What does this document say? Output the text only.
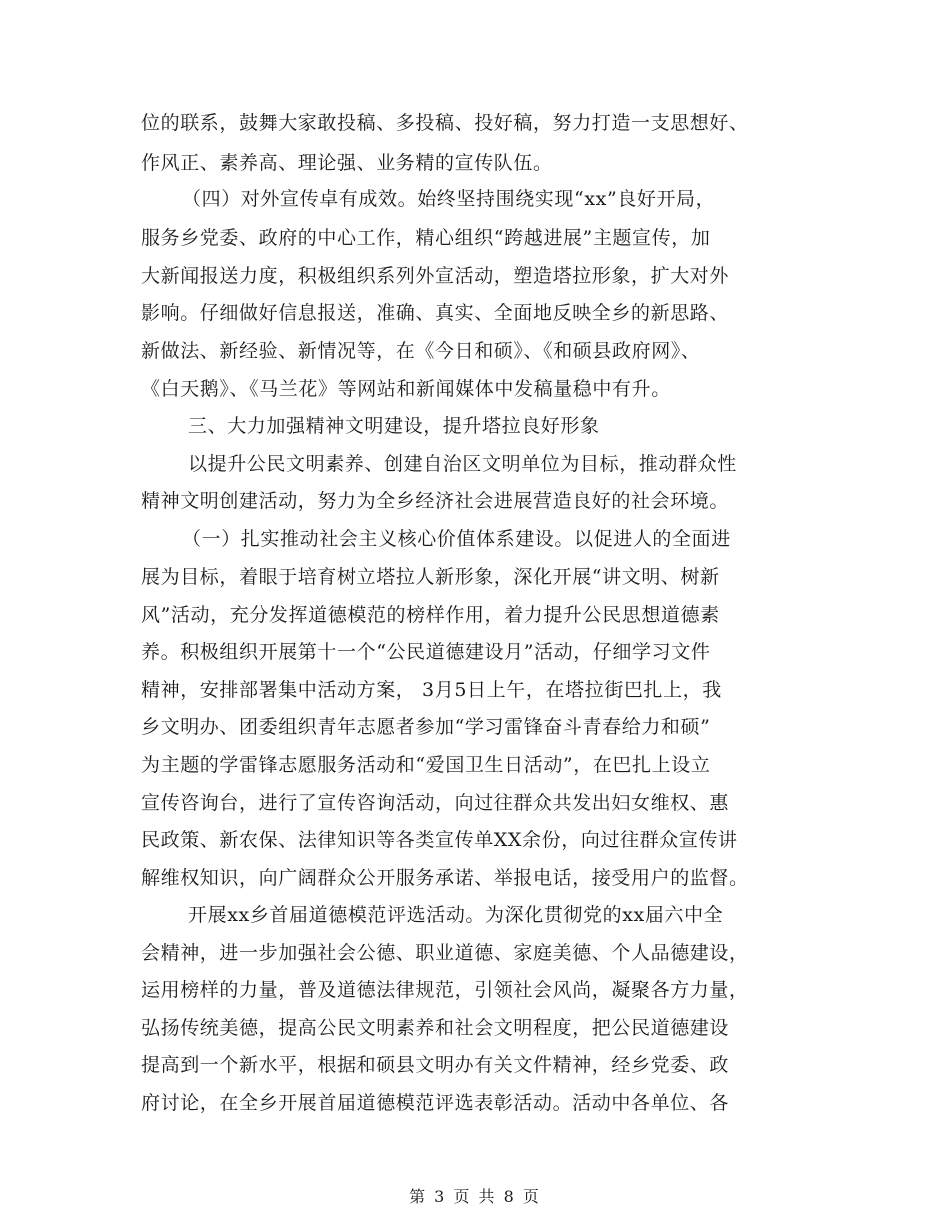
位的联系，鼓舞大家敢投稿、多投稿、投好稿，努力打造一支思想好、
作风正、素养高、理论强、业务精的宣传队伍。
（四）对外宣传卓有成效。始终坚持围绕实现“xx”良好开局，
服务乡党委、政府的中心工作，精心组织“跨越进展”主题宣传，加
大新闻报送力度，积极组织系列外宣活动，塑造塔拉形象，扩大对外
影响。仔细做好信息报送，准确、真实、全面地反映全乡的新思路、
新做法、新经验、新情况等，在《今日和硕》、《和硕县政府网》、
《白天鹅》、《马兰花》等网站和新闻媒体中发稿量稳中有升。
三、大力加强精神文明建设，提升塔拉良好形象
以提升公民文明素养、创建自治区文明单位为目标，推动群众性
精神文明创建活动，努力为全乡经济社会进展营造良好的社会环境。
（一）扎实推动社会主义核心价值体系建设。以促进人的全面进
展为目标，着眼于培育树立塔拉人新形象，深化开展“讲文明、树新
风”活动，充分发挥道德模范的榜样作用，着力提升公民思想道德素
养。积极组织开展第十一个“公民道德建设月”活动，仔细学习文件
精神，安排部署集中活动方案， 3月5日上午，在塔拉街巴扎上，我
乡文明办、团委组织青年志愿者参加“学习雷锋奋斗青春给力和硕”
为主题的学雷锋志愿服务活动和“爱国卫生日活动”，在巴扎上设立
宣传咨询台，进行了宣传咨询活动，向过往群众共发出妇女维权、惠
民政策、新农保、法律知识等各类宣传单XX余份，向过往群众宣传讲
解维权知识，向广阔群众公开服务承诺、举报电话，接受用户的监督。
开展xx乡首届道德模范评选活动。为深化贯彻党的xx届六中全
会精神，进一步加强社会公德、职业道德、家庭美德、个人品德建设，
运用榜样的力量，普及道德法律规范，引领社会风尚，凝聚各方力量，
弘扬传统美德，提高公民文明素养和社会文明程度，把公民道德建设
提高到一个新水平，根据和硕县文明办有关文件精神，经乡党委、政
府讨论，在全乡开展首届道德模范评选表彰活动。活动中各单位、各
第 3 页 共 8 页
